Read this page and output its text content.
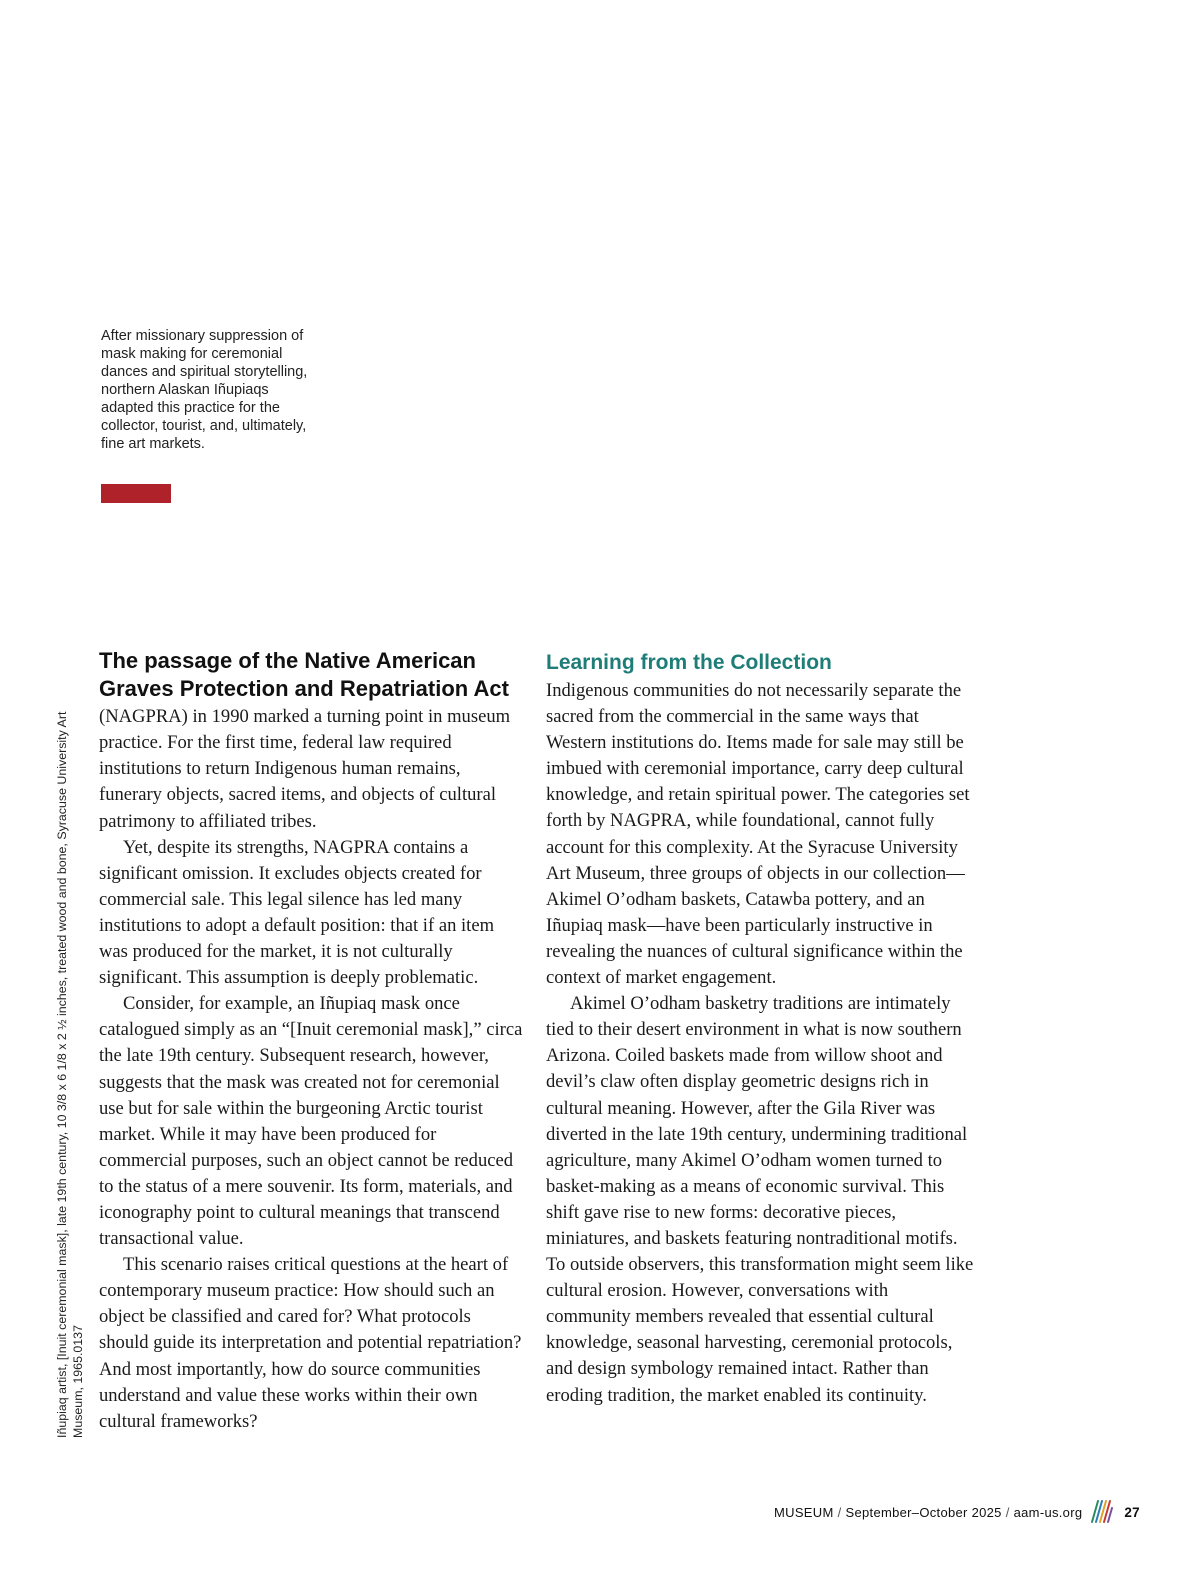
After missionary suppression of mask making for ceremonial dances and spiritual storytelling, northern Alaskan Iñupiaqs adapted this practice for the collector, tourist, and, ultimately, fine art markets.
Iñupiaq artist, [Inuit ceremonial mask], late 19th century, 10 3/8 x 6 1/8 x 2 ½ inches, treated wood and bone, Syracuse University Art Museum, 1965.0137

The passage of the Native American Graves Protection and Repatriation Act (NAGPRA) in 1990 marked a turning point in museum practice. For the first time, federal law required institutions to return Indigenous human remains, funerary objects, sacred items, and objects of cultural patrimony to affiliated tribes.

Yet, despite its strengths, NAGPRA contains a significant omission. It excludes objects created for commercial sale. This legal silence has led many institutions to adopt a default position: that if an item was produced for the market, it is not culturally significant. This assumption is deeply problematic.

Consider, for example, an Iñupiaq mask once catalogued simply as an “[Inuit ceremonial mask],” circa the late 19th century. Subsequent research, however, suggests that the mask was created not for ceremonial use but for sale within the burgeoning Arctic tourist market. While it may have been produced for commercial purposes, such an object cannot be reduced to the status of a mere souvenir. Its form, materials, and iconography point to cultural meanings that transcend transactional value.

This scenario raises critical questions at the heart of contemporary museum practice: How should such an object be classified and cared for? What protocols should guide its interpretation and potential repatriation? And most importantly, how do source communities understand and value these works within their own cultural frameworks?

Learning from the Collection

Indigenous communities do not necessarily separate the sacred from the commercial in the same ways that Western institutions do. Items made for sale may still be imbued with ceremonial importance, carry deep cultural knowledge, and retain spiritual power. The categories set forth by NAGPRA, while foundational, cannot fully account for this complexity. At the Syracuse University Art Museum, three groups of objects in our collection—Akimel O’odham baskets, Catawba pottery, and an Iñupiaq mask—have been particularly instructive in revealing the nuances of cultural significance within the context of market engagement.

Akimel O’odham basketry traditions are intimately tied to their desert environment in what is now southern Arizona. Coiled baskets made from willow shoot and devil’s claw often display geometric designs rich in cultural meaning. However, after the Gila River was diverted in the late 19th century, undermining traditional agriculture, many Akimel O’odham women turned to basket-making as a means of economic survival. This shift gave rise to new forms: decorative pieces, miniatures, and baskets featuring nontraditional motifs. To outside observers, this transformation might seem like cultural erosion. However, conversations with community members revealed that essential cultural knowledge, seasonal harvesting, ceremonial protocols, and design symbology remained intact. Rather than eroding tradition, the market enabled its continuity.

MUSEUM / September–October 2025 / aam-us.org	27
